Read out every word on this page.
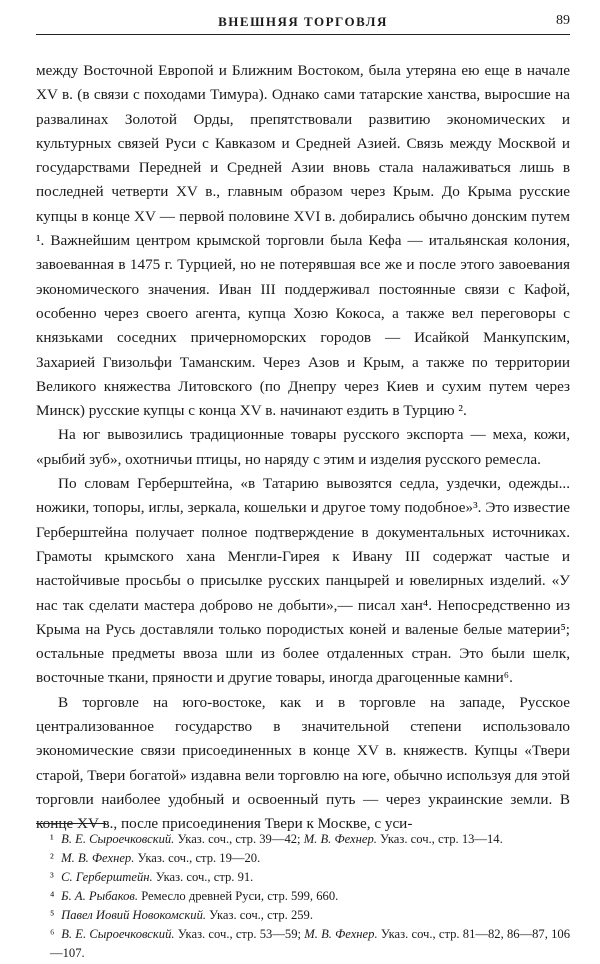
ВНЕШНЯЯ ТОРГОВЛЯ	89

между Восточной Европой и Ближним Востоком, была утеряна ею еще в начале XV в. (в связи с походами Тимура). Однако сами татарские ханства, выросшие на развалинах Золотой Орды, препятствовали развитию экономических и культурных связей Руси с Кавказом и Средней Азией. Связь между Москвой и государствами Передней и Средней Азии вновь стала налаживаться лишь в последней четверти XV в., главным образом через Крым. До Крыма русские купцы в конце XV — первой половине XVI в. добирались обычно донским путем ¹. Важнейшим центром крымской торговли была Кефа — итальянская колония, завоеванная в 1475 г. Турцией, но не потерявшая все же и после этого завоевания экономического значения. Иван III поддерживал постоянные связи с Кафой, особенно через своего агента, купца Хозю Кокоса, а также вел переговоры с князьками соседних причерноморских городов — Исайкой Манкупским, Захарией Гвизольфи Таманским. Через Азов и Крым, а также по территории Великого княжества Литовского (по Днепру через Киев и сухим путем через Минск) русские купцы с конца XV в. начинают ездить в Турцию ².

На юг вывозились традиционные товары русского экспорта — меха, кожи, «рыбий зуб», охотничьи птицы, но наряду с этим и изделия русского ремесла.

По словам Герберштейна, «в Татарию вывозятся седла, уздечки, одежды... ножики, топоры, иглы, зеркала, кошельки и другое тому подобное»³. Это известие Герберштейна получает полное подтверждение в документальных источниках. Грамоты крымского хана Менгли-Гирея к Ивану III содержат частые и настойчивые просьбы о присылке русских панцырей и ювелирных изделий. «У нас так сделати мастера доброво не добыти»,— писал хан⁴. Непосредственно из Крыма на Русь доставляли только породистых коней и валеные белые материи⁵; остальные предметы ввоза шли из более отдаленных стран. Это были шелк, восточные ткани, пряности и другие товары, иногда драгоценные камни⁶.

В торговле на юго-востоке, как и в торговле на западе, Русское централизованное государство в значительной степени использовало экономические связи присоединенных в конце XV в. княжеств. Купцы «Твери старой, Твери богатой» издавна вели торговлю на юге, обычно используя для этой торговли наиболее удобный и освоенный путь — через украинские земли. В конце XV в., после присоединения Твери к Москве, с уси-

¹ В. Е. Сыроечковский. Указ. соч., стр. 39—42; М. В. Фехнер. Указ. соч., стр. 13—14.
² М. В. Фехнер. Указ. соч., стр. 19—20.
³ С. Герберштейн. Указ. соч., стр. 91.
⁴ Б. А. Рыбаков. Ремесло древней Руси, стр. 599, 660.
⁵ Павел Иовий Новокомский. Указ. соч., стр. 259.
⁶ В. Е. Сыроечковский. Указ. соч., стр. 53—59; М. В. Фехнер. Указ. соч., стр. 81—82, 86—87, 106—107.
